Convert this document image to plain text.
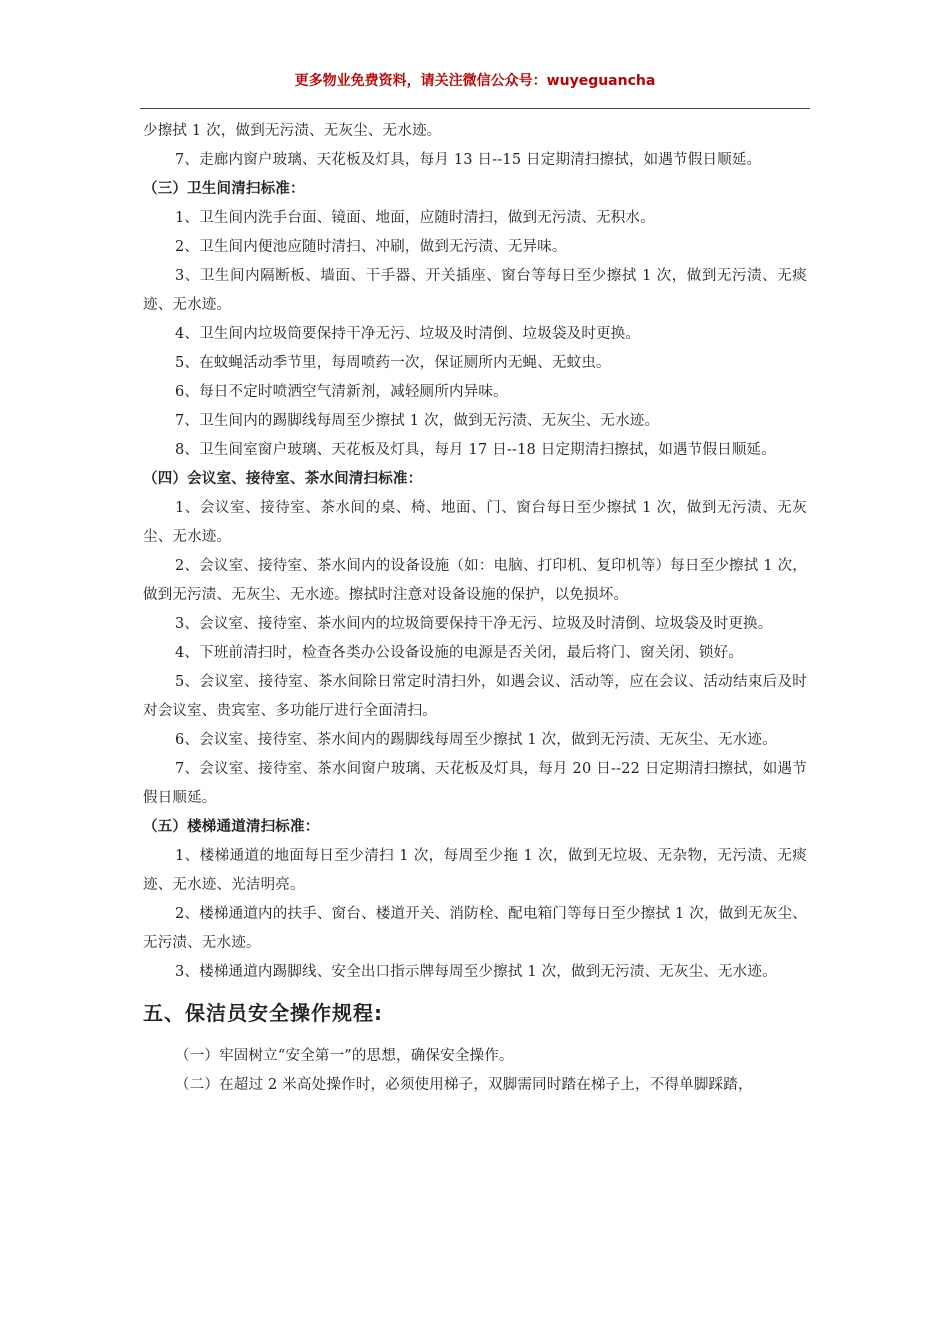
更多物业免费资料，请关注微信公众号：wuyeguancha

少擦拭 1 次，做到无污渍、无灰尘、无水迹。

7、走廊内窗户玻璃、天花板及灯具，每月 13 日--15 日定期清扫擦拭，如遇节假日顺延。

（三）卫生间清扫标准：

1、卫生间内洗手台面、镜面、地面，应随时清扫，做到无污渍、无积水。

2、卫生间内便池应随时清扫、冲刷，做到无污渍、无异味。

3、卫生间内隔断板、墙面、干手器、开关插座、窗台等每日至少擦拭 1 次，做到无污渍、无痰迹、无水迹。

4、卫生间内垃圾筒要保持干净无污、垃圾及时清倒、垃圾袋及时更换。

5、在蚊蝇活动季节里，每周喷药一次，保证厕所内无蝇、无蚊虫。

6、每日不定时喷洒空气清新剂，减轻厕所内异味。

7、卫生间内的踢脚线每周至少擦拭 1 次，做到无污渍、无灰尘、无水迹。

8、卫生间室窗户玻璃、天花板及灯具，每月 17 日--18 日定期清扫擦拭，如遇节假日顺延。

（四）会议室、接待室、茶水间清扫标准：

1、会议室、接待室、茶水间的桌、椅、地面、门、窗台每日至少擦拭 1 次，做到无污渍、无灰尘、无水迹。

2、会议室、接待室、茶水间内的设备设施（如：电脑、打印机、复印机等）每日至少擦拭 1 次，做到无污渍、无灰尘、无水迹。擦拭时注意对设备设施的保护，以免损坏。

3、会议室、接待室、茶水间内的垃圾筒要保持干净无污、垃圾及时清倒、垃圾袋及时更换。

4、下班前清扫时，检查各类办公设备设施的电源是否关闭，最后将门、窗关闭、锁好。

5、会议室、接待室、茶水间除日常定时清扫外，如遇会议、活动等，应在会议、活动结束后及时对会议室、贵宾室、多功能厅进行全面清扫。

6、会议室、接待室、茶水间内的踢脚线每周至少擦拭 1 次，做到无污渍、无灰尘、无水迹。

7、会议室、接待室、茶水间窗户玻璃、天花板及灯具，每月 20 日--22 日定期清扫擦拭，如遇节假日顺延。

（五）楼梯通道清扫标准：

1、楼梯通道的地面每日至少清扫 1 次，每周至少拖 1 次，做到无垃圾、无杂物，无污渍、无痰迹、无水迹、光洁明亮。

2、楼梯通道内的扶手、窗台、楼道开关、消防栓、配电箱门等每日至少擦拭 1 次，做到无灰尘、无污渍、无水迹。

3、楼梯通道内踢脚线、安全出口指示牌每周至少擦拭 1 次，做到无污渍、无灰尘、无水迹。

五、保洁员安全操作规程:

（一）牢固树立“安全第一”的思想，确保安全操作。

（二）在超过 2 米高处操作时，必须使用梯子，双脚需同时踏在梯子上，不得单脚踩踏，
